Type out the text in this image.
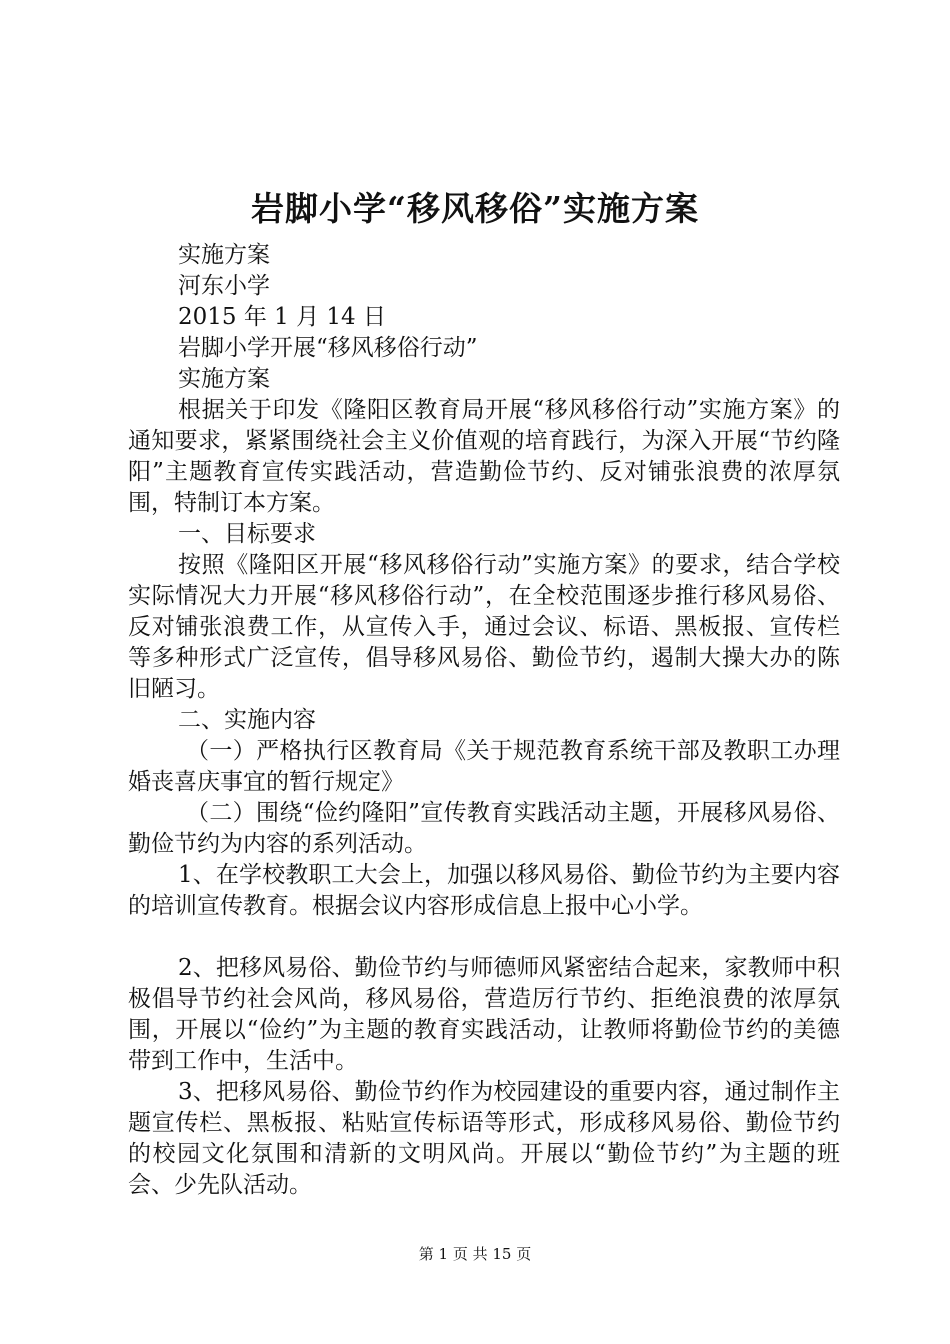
岩脚小学“移风移俗”实施方案

实施方案

河东小学

2015 年 1 月 14 日

岩脚小学开展“移风移俗行动”

实施方案

根据关于印发《隆阳区教育局开展“移风移俗行动”实施方案》的通知要求，紧紧围绕社会主义价值观的培育践行，为深入开展“节约隆阳”主题教育宣传实践活动，营造勤俭节约、反对铺张浪费的浓厚氛围，特制订本方案。

一、目标要求

按照《隆阳区开展“移风移俗行动”实施方案》的要求，结合学校实际情况大力开展“移风移俗行动”，在全校范围逐步推行移风易俗、反对铺张浪费工作，从宣传入手，通过会议、标语、黑板报、宣传栏等多种形式广泛宣传，倡导移风易俗、勤俭节约，遏制大操大办的陈旧陋习。

二、实施内容

（一）严格执行区教育局《关于规范教育系统干部及教职工办理婚丧喜庆事宜的暂行规定》

（二）围绕“俭约隆阳”宣传教育实践活动主题，开展移风易俗、勤俭节约为内容的系列活动。

1、在学校教职工大会上，加强以移风易俗、勤俭节约为主要内容的培训宣传教育。根据会议内容形成信息上报中心小学。

2、把移风易俗、勤俭节约与师德师风紧密结合起来，家教师中积极倡导节约社会风尚，移风易俗，营造厉行节约、拒绝浪费的浓厚氛围，开展以“俭约”为主题的教育实践活动，让教师将勤俭节约的美德带到工作中，生活中。

3、把移风易俗、勤俭节约作为校园建设的重要内容，通过制作主题宣传栏、黑板报、粘贴宣传标语等形式，形成移风易俗、勤俭节约的校园文化氛围和清新的文明风尚。开展以“勤俭节约”为主题的班会、少先队活动。

第 1 页 共 15 页
